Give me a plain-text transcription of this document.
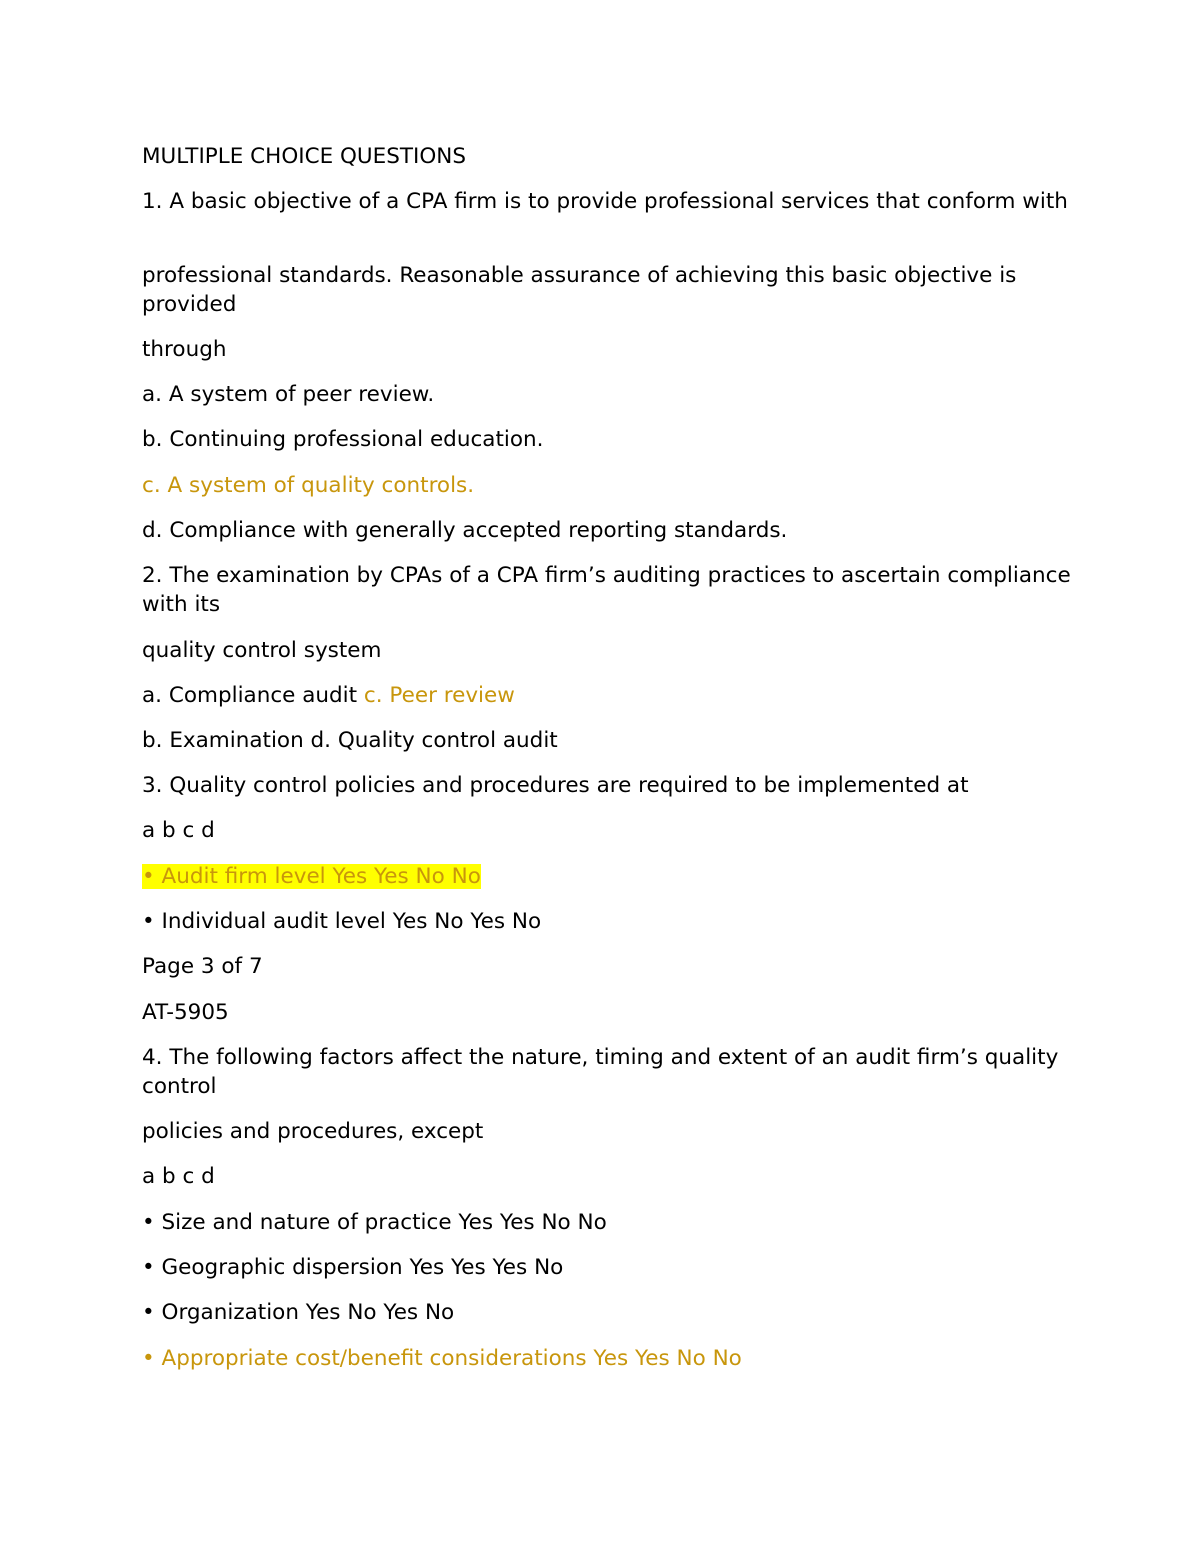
MULTIPLE CHOICE QUESTIONS
1. A basic objective of a CPA firm is to provide professional services that conform with
professional standards. Reasonable assurance of achieving this basic objective is provided
through
a. A system of peer review.
b. Continuing professional education.
c. A system of quality controls.
d. Compliance with generally accepted reporting standards.
2. The examination by CPAs of a CPA firm’s auditing practices to ascertain compliance with its
quality control system
a. Compliance audit c. Peer review
b. Examination d. Quality control audit
3. Quality control policies and procedures are required to be implemented at
a b c d
• Audit firm level Yes Yes No No
• Individual audit level Yes No Yes No
Page 3 of 7
AT-5905
4. The following factors affect the nature, timing and extent of an audit firm’s quality control
policies and procedures, except
a b c d
• Size and nature of practice Yes Yes No No
• Geographic dispersion Yes Yes Yes No
• Organization Yes No Yes No
• Appropriate cost/benefit considerations Yes Yes No No
